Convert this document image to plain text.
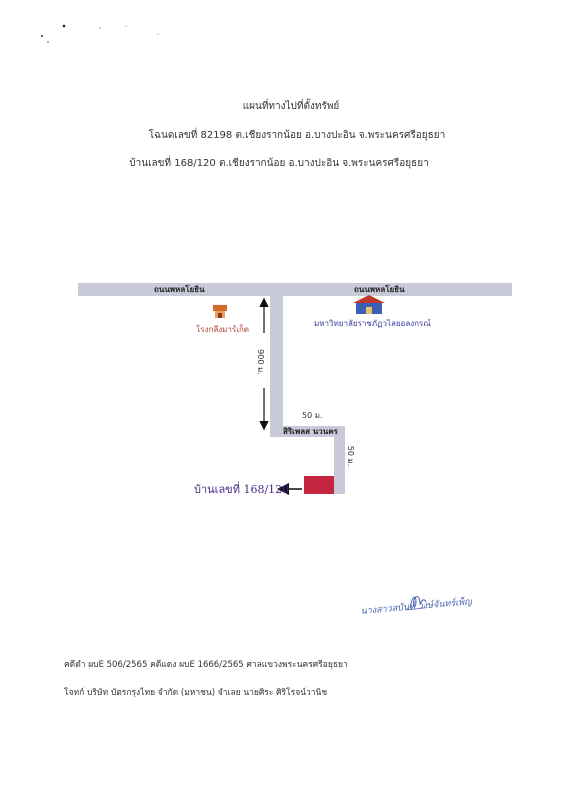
แผนที่ทางไปที่ตั้งทรัพย์
โฉนดเลขที่ 82198 ต.เชียงรากน้อย อ.บางปะอิน จ.พระนครศรีอยุธยา
บ้านเลขที่ 168/120 ต.เชียงรากน้อย อ.บางปะอิน จ.พระนครศรีอยุธยา
ถนนพหลโยธิน	ถนนพหลโยธิน
สิริเพลส นวนคร
โรงกลึงมาร์เก็ต
มหาวิทยาลัยราชภัฏวไลยอลงกรณ์
900 ม.
50 ม.
50 ม.
บ้านเลขที่ 168/120
นางสาวสบันท์ วงษ์จันทร์เพ็ญ
คดีดำ ผบE 506/2565 คดีแดง ผบE 1666/2565 ศาลแขวงพระนครศรีอยุธยา
โจทก์ บริษัท บัตรกรุงไทย จำกัด (มหาชน) จำเลย นายศิระ ศิริโรจน์วานิช
